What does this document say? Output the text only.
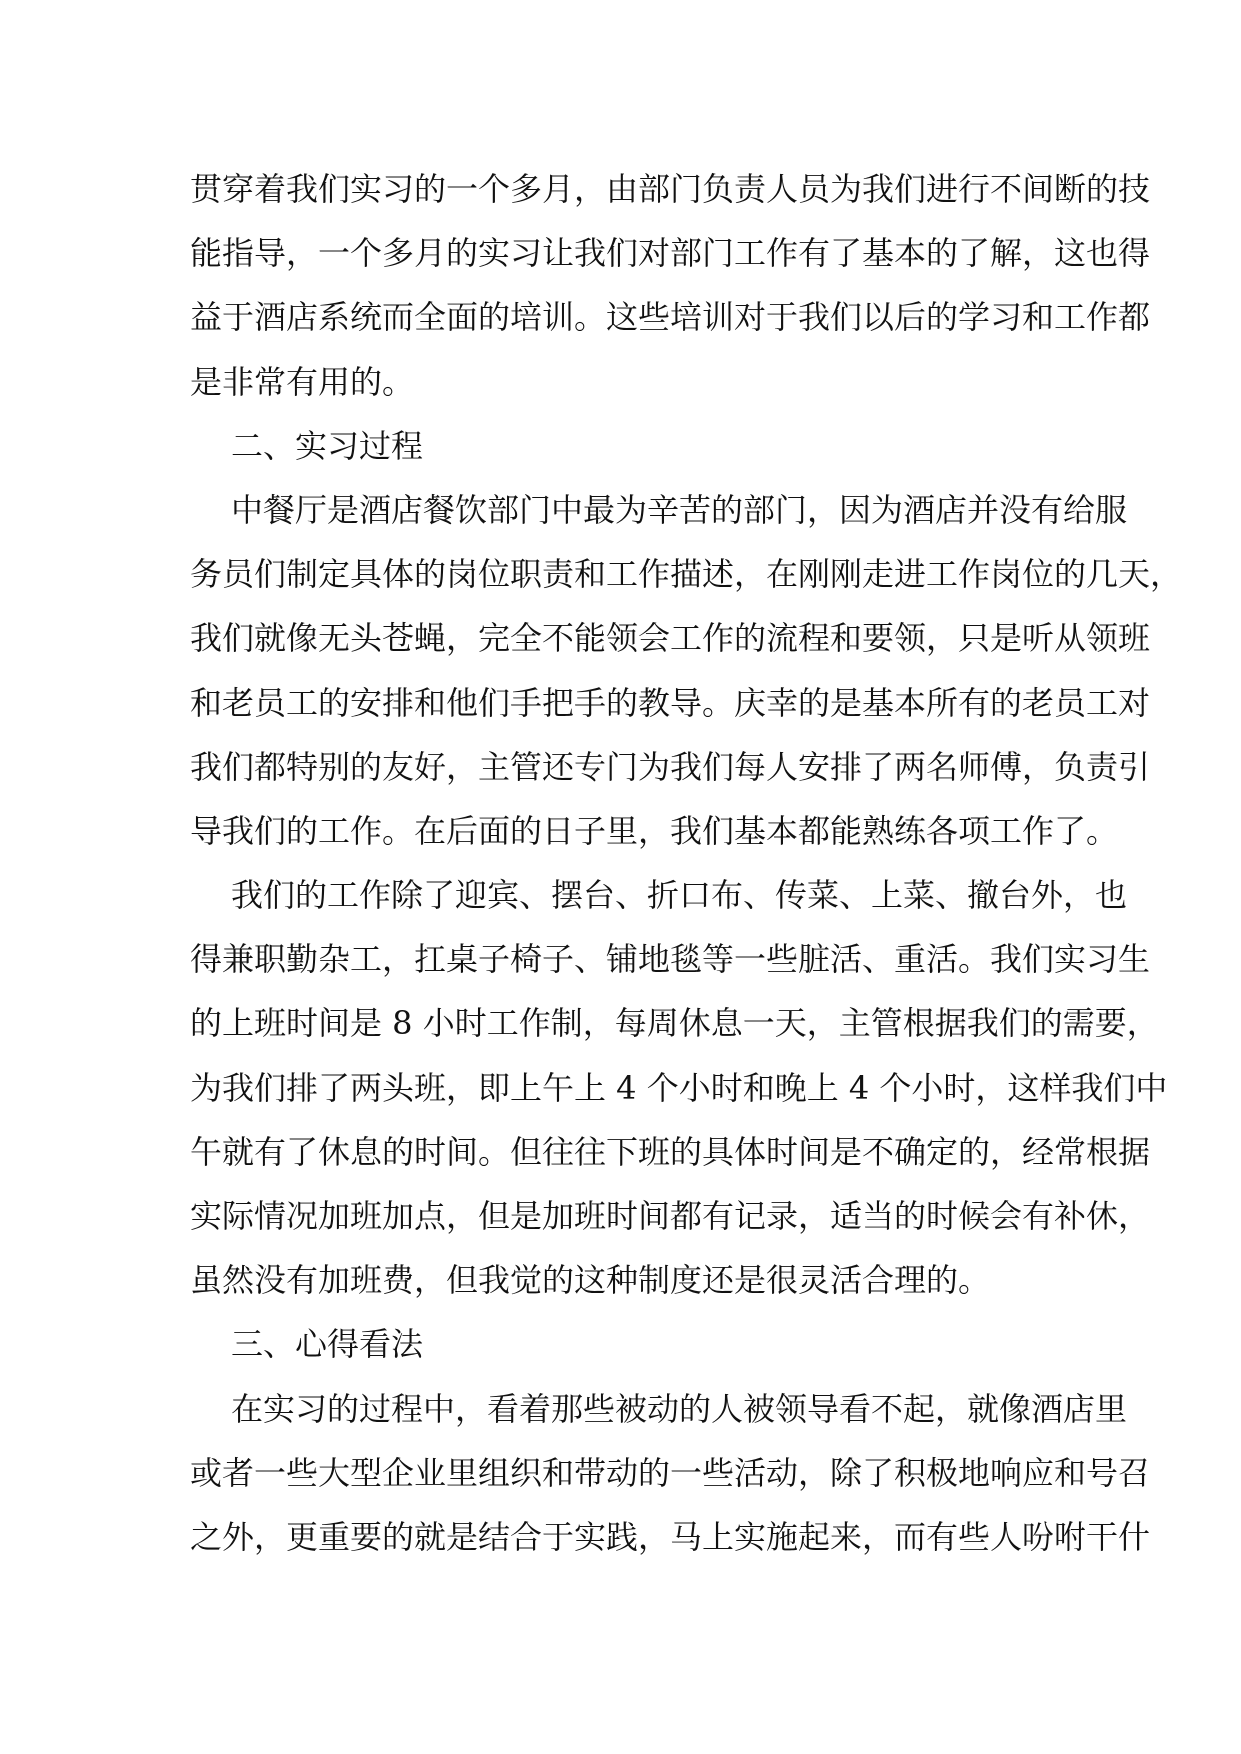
贯穿着我们实习的一个多月，由部门负责人员为我们进行不间断的技
能指导，一个多月的实习让我们对部门工作有了基本的了解，这也得
益于酒店系统而全面的培训。这些培训对于我们以后的学习和工作都
是非常有用的。
二、实习过程
中餐厅是酒店餐饮部门中最为辛苦的部门，因为酒店并没有给服
务员们制定具体的岗位职责和工作描述，在刚刚走进工作岗位的几天，
我们就像无头苍蝇，完全不能领会工作的流程和要领，只是听从领班
和老员工的安排和他们手把手的教导。庆幸的是基本所有的老员工对
我们都特别的友好，主管还专门为我们每人安排了两名师傅，负责引
导我们的工作。在后面的日子里，我们基本都能熟练各项工作了。
我们的工作除了迎宾、摆台、折口布、传菜、上菜、撤台外，也
得兼职勤杂工，扛桌子椅子、铺地毯等一些脏活、重活。我们实习生
的上班时间是 8 小时工作制，每周休息一天，主管根据我们的需要，
为我们排了两头班，即上午上 4 个小时和晚上 4 个小时，这样我们中
午就有了休息的时间。但往往下班的具体时间是不确定的，经常根据
实际情况加班加点，但是加班时间都有记录，适当的时候会有补休，
虽然没有加班费，但我觉的这种制度还是很灵活合理的。
三、心得看法
在实习的过程中，看着那些被动的人被领导看不起，就像酒店里
或者一些大型企业里组织和带动的一些活动，除了积极地响应和号召
之外，更重要的就是结合于实践，马上实施起来，而有些人吩咐干什
